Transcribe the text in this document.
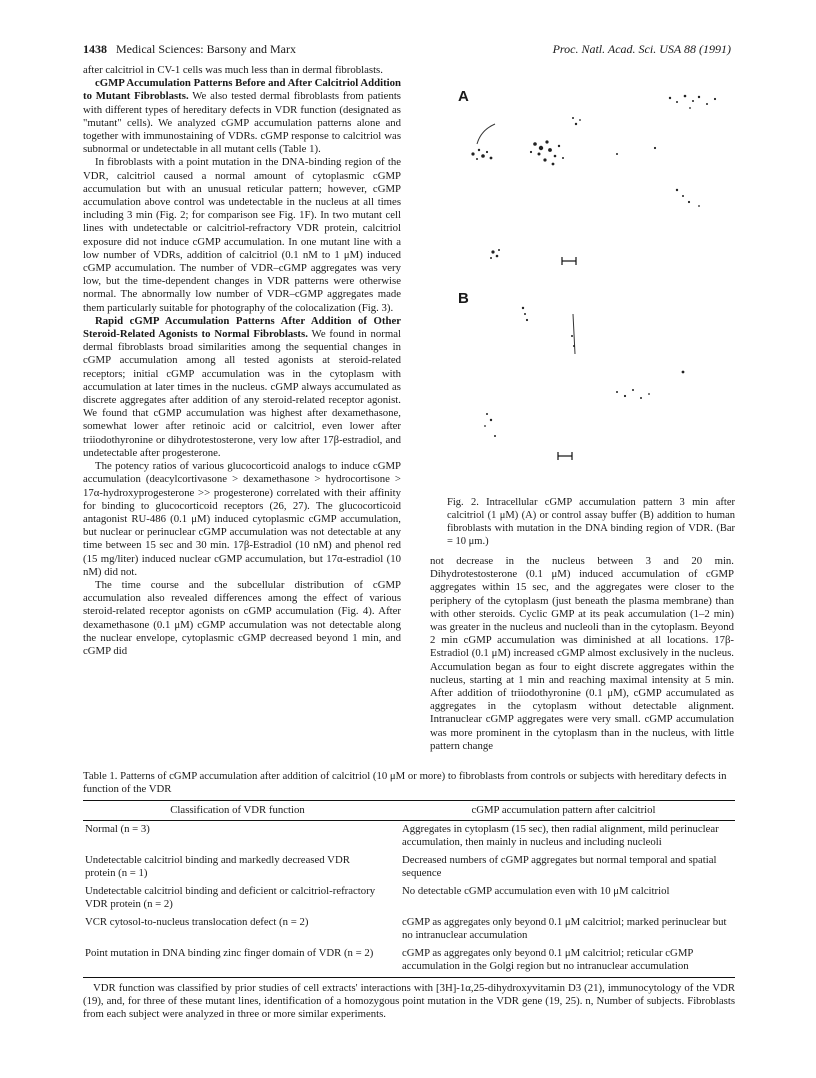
1438 Medical Sciences: Barsony and Marx	Proc. Natl. Acad. Sci. USA 88 (1991)

after calcitriol in CV-1 cells was much less than in dermal fibroblasts.

cGMP Accumulation Patterns Before and After Calcitriol Addition to Mutant Fibroblasts. We also tested dermal fibroblasts from patients with different types of hereditary defects in VDR function (designated as "mutant" cells). We analyzed cGMP accumulation patterns alone and together with immunostaining of VDRs. cGMP response to calcitriol was subnormal or undetectable in all mutant cells (Table 1).

In fibroblasts with a point mutation in the DNA-binding region of the VDR, calcitriol caused a normal amount of cytoplasmic cGMP accumulation but with an unusual reticular pattern; however, cGMP accumulation above control was undetectable in the nucleus at all times including 3 min (Fig. 2; for comparison see Fig. 1F). In two mutant cell lines with undetectable or calcitriol-refractory VDR protein, calcitriol exposure did not induce cGMP accumulation. In one mutant line with a low number of VDRs, addition of calcitriol (0.1 nM to 1 μM) induced cGMP accumulation. The number of VDR–cGMP aggregates was very low, but the time-dependent changes in VDR patterns were otherwise normal. The abnormally low number of VDR–cGMP aggregates made them particularly suitable for photography of the colocalization (Fig. 3).

Rapid cGMP Accumulation Patterns After Addition of Other Steroid-Related Agonists to Normal Fibroblasts. We found in normal dermal fibroblasts broad similarities among the sequential changes in cGMP accumulation among all tested agonists at steroid-related receptors; initial cGMP accumulation was in the cytoplasm with accumulation at later times in the nucleus. cGMP always accumulated as discrete aggregates after addition of any steroid-related receptor agonist. We found that cGMP accumulation was highest after dexamethasone, somewhat lower after retinoic acid or calcitriol, even lower after triiodothyronine or dihydrotestosterone, very low after 17β-estradiol, and undetectable after progesterone.

The potency ratios of various glucocorticoid analogs to induce cGMP accumulation (deacylcortivasone > dexamethasone > hydrocortisone > 17α-hydroxyprogesterone >> progesterone) correlated with their affinity for binding to glucocorticoid receptors (26, 27). The glucocorticoid antagonist RU-486 (0.1 μM) induced cytoplasmic cGMP accumulation, but nuclear or perinuclear cGMP accumulation was not detectable at any time between 15 sec and 30 min. 17β-Estradiol (10 nM) and phenol red (15 mg/liter) induced nuclear cGMP accumulation, but 17α-estradiol (10 nM) did not.

The time course and the subcellular distribution of cGMP accumulation also revealed differences among the effect of various steroid-related receptor agonists on cGMP accumulation (Fig. 4). After dexamethasone (0.1 μM) cGMP accumulation was not detectable along the nuclear envelope, cytoplasmic cGMP decreased beyond 1 min, and cGMP did

A
B
Fig. 2. Intracellular cGMP accumulation pattern 3 min after calcitriol (1 μM) (A) or control assay buffer (B) addition to human fibroblasts with mutation in the DNA binding region of VDR. (Bar = 10 μm.)

not decrease in the nucleus between 3 and 20 min. Dihydrotestosterone (0.1 μM) induced accumulation of cGMP aggregates within 15 sec, and the aggregates were closer to the periphery of the cytoplasm (just beneath the plasma membrane) than with other steroids. Cyclic GMP at its peak accumulation (1–2 min) was greater in the nucleus and nucleoli than in the cytoplasm. Beyond 2 min cGMP accumulation was diminished at all locations. 17β-Estradiol (0.1 μM) increased cGMP almost exclusively in the nucleus. Accumulation began as four to eight discrete aggregates within the nucleus, starting at 1 min and reaching maximal intensity at 5 min. After addition of triiodothyronine (0.1 μM), cGMP accumulated as aggregates in the cytoplasm without detectable alignment. Intranuclear cGMP aggregates were very small. cGMP accumulation was more prominent in the cytoplasm than in the nucleus, with little pattern change

Table 1. Patterns of cGMP accumulation after addition of calcitriol (10 μM or more) to fibroblasts from controls or subjects with hereditary defects in function of the VDR
Classification of VDR function	cGMP accumulation pattern after calcitriol
Normal (n = 3)	Aggregates in cytoplasm (15 sec), then radial alignment, mild perinuclear accumulation, then mainly in nucleus and including nucleoli
Undetectable calcitriol binding and markedly decreased VDR protein (n = 1)	Decreased numbers of cGMP aggregates but normal temporal and spatial sequence
Undetectable calcitriol binding and deficient or calcitriol-refractory VDR protein (n = 2)	No detectable cGMP accumulation even with 10 μM calcitriol
VCR cytosol-to-nucleus translocation defect (n = 2)	cGMP as aggregates only beyond 0.1 μM calcitriol; marked perinuclear but no intranuclear accumulation
Point mutation in DNA binding zinc finger domain of VDR (n = 2)	cGMP as aggregates only beyond 0.1 μM calcitriol; reticular cGMP accumulation in the Golgi region but no intranuclear accumulation
VDR function was classified by prior studies of cell extracts' interactions with [3H]-1α,25-dihydroxyvitamin D3 (21), immunocytology of the VDR (19), and, for three of these mutant lines, identification of a homozygous point mutation in the VDR gene (19, 25). n, Number of subjects. Fibroblasts from each subject were analyzed in three or more similar experiments.
